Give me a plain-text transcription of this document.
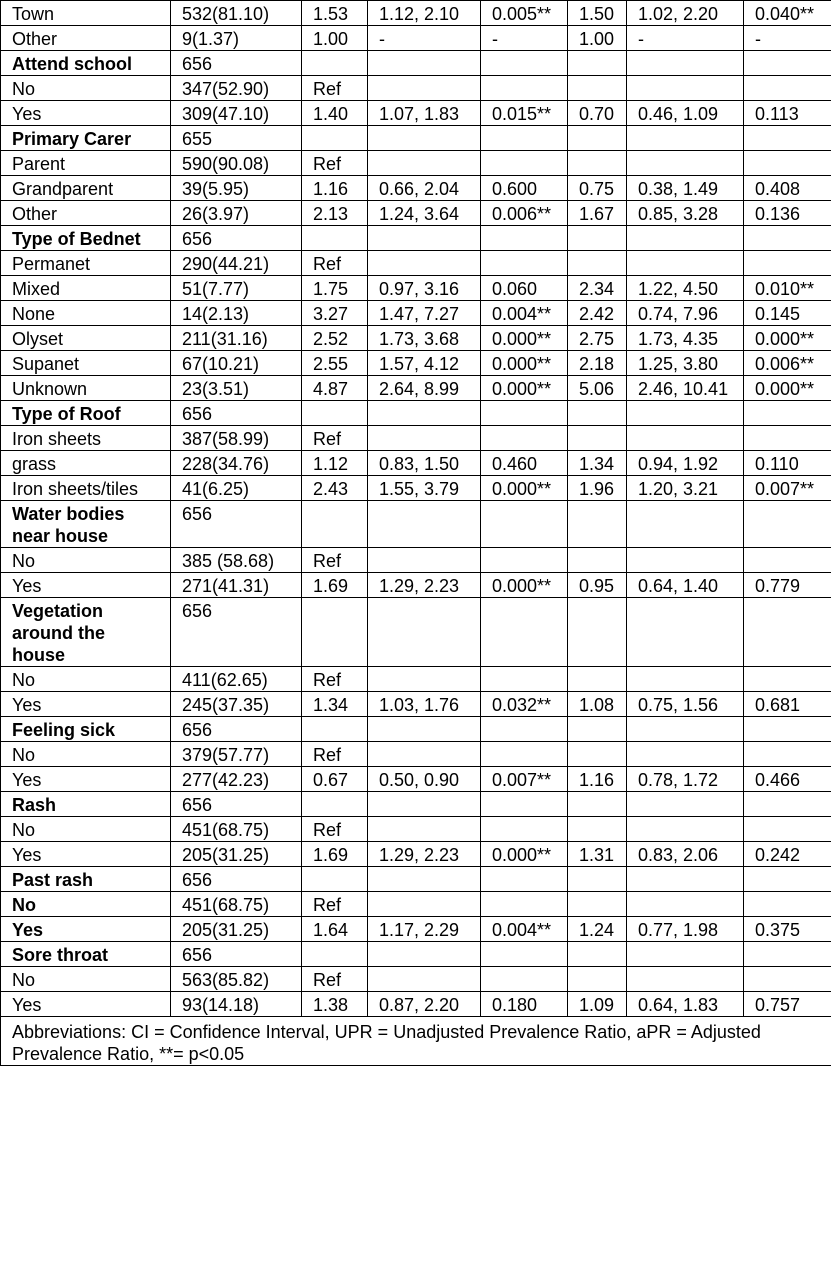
Town	532(81.10)	1.53	1.12, 2.10	0.005**	1.50	1.02, 2.20	0.040**
Other	9(1.37)	1.00	-	-	1.00	-	-
Attend school	656						
No	347(52.90)	Ref					
Yes	309(47.10)	1.40	1.07, 1.83	0.015**	0.70	0.46, 1.09	0.113
Primary Carer	655						
Parent	590(90.08)	Ref					
Grandparent	39(5.95)	1.16	0.66, 2.04	0.600	0.75	0.38, 1.49	0.408
Other	26(3.97)	2.13	1.24, 3.64	0.006**	1.67	0.85, 3.28	0.136
Type of Bednet	656						
Permanet	290(44.21)	Ref					
Mixed	51(7.77)	1.75	0.97, 3.16	0.060	2.34	1.22, 4.50	0.010**
None	14(2.13)	3.27	1.47, 7.27	0.004**	2.42	0.74, 7.96	0.145
Olyset	211(31.16)	2.52	1.73, 3.68	0.000**	2.75	1.73, 4.35	0.000**
Supanet	67(10.21)	2.55	1.57, 4.12	0.000**	2.18	1.25, 3.80	0.006**
Unknown	23(3.51)	4.87	2.64, 8.99	0.000**	5.06	2.46, 10.41	0.000**
Type of Roof	656						
Iron sheets	387(58.99)	Ref					
grass	228(34.76)	1.12	0.83, 1.50	0.460	1.34	0.94, 1.92	0.110
Iron sheets/tiles	41(6.25)	2.43	1.55, 3.79	0.000**	1.96	1.20, 3.21	0.007**
Water bodies near house	656						
No	385 (58.68)	Ref					
Yes	271(41.31)	1.69	1.29, 2.23	0.000**	0.95	0.64, 1.40	0.779
Vegetation around the house	656						
No	411(62.65)	Ref					
Yes	245(37.35)	1.34	1.03, 1.76	0.032**	1.08	0.75, 1.56	0.681
Feeling sick	656						
No	379(57.77)	Ref					
Yes	277(42.23)	0.67	0.50, 0.90	0.007**	1.16	0.78, 1.72	0.466
Rash	656						
No	451(68.75)	Ref					
Yes	205(31.25)	1.69	1.29, 2.23	0.000**	1.31	0.83, 2.06	0.242
Past rash	656						
No	451(68.75)	Ref					
Yes	205(31.25)	1.64	1.17, 2.29	0.004**	1.24	0.77, 1.98	0.375
Sore throat	656						
No	563(85.82)	Ref					
Yes	93(14.18)	1.38	0.87, 2.20	0.180	1.09	0.64, 1.83	0.757
Abbreviations: CI = Confidence Interval, UPR = Unadjusted Prevalence Ratio, aPR = Adjusted Prevalence Ratio, **= p<0.05							
